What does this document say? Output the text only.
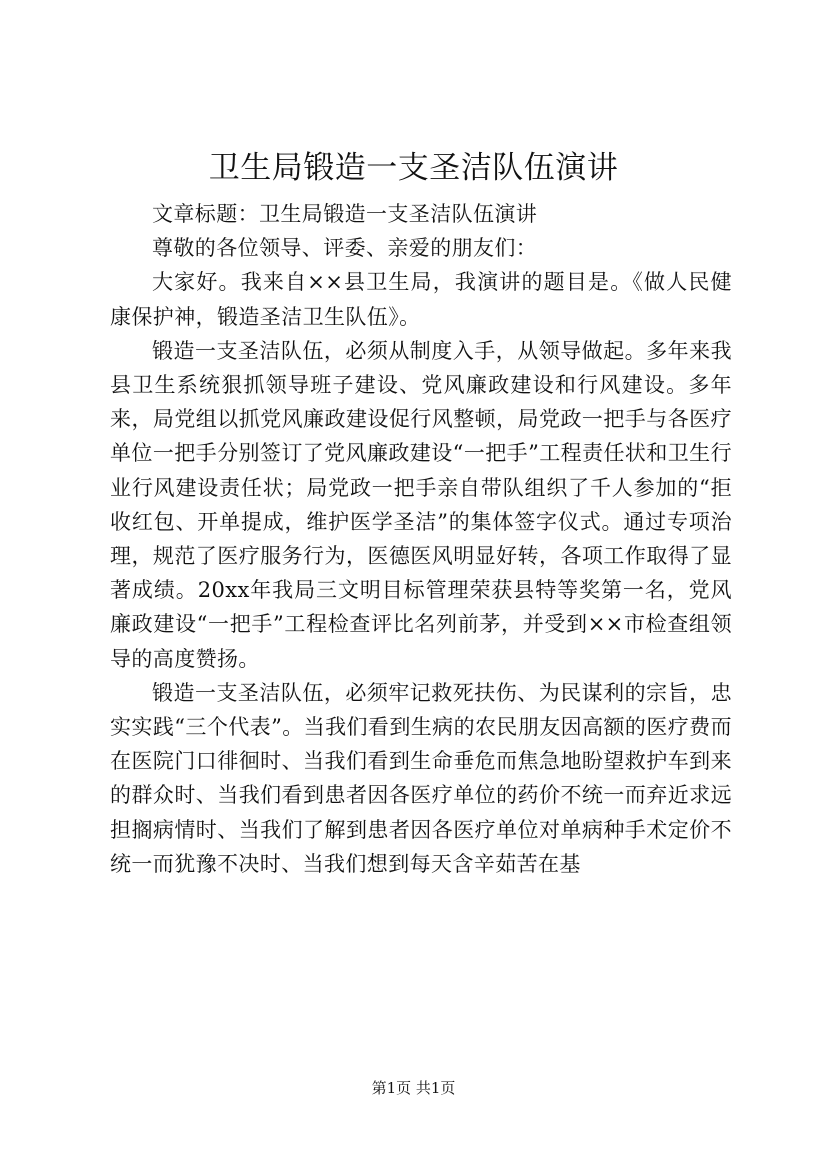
卫生局锻造一支圣洁队伍演讲

文章标题：卫生局锻造一支圣洁队伍演讲

尊敬的各位领导、评委、亲爱的朋友们：

大家好。我来自××县卫生局，我演讲的题目是。《做人民健康保护神，锻造圣洁卫生队伍》。

锻造一支圣洁队伍，必须从制度入手，从领导做起。多年来我县卫生系统狠抓领导班子建设、党风廉政建设和行风建设。多年来，局党组以抓党风廉政建设促行风整顿，局党政一把手与各医疗单位一把手分别签订了党风廉政建设“一把手”工程责任状和卫生行业行风建设责任状；局党政一把手亲自带队组织了千人参加的“拒收红包、开单提成，维护医学圣洁”的集体签字仪式。通过专项治理，规范了医疗服务行为，医德医风明显好转，各项工作取得了显著成绩。20xx年我局三文明目标管理荣获县特等奖第一名，党风廉政建设“一把手”工程检查评比名列前茅，并受到××市检查组领导的高度赞扬。

锻造一支圣洁队伍，必须牢记救死扶伤、为民谋利的宗旨，忠实实践“三个代表”。当我们看到生病的农民朋友因高额的医疗费而在医院门口徘徊时、当我们看到生命垂危而焦急地盼望救护车到来的群众时、当我们看到患者因各医疗单位的药价不统一而弃近求远担搁病情时、当我们了解到患者因各医疗单位对单病种手术定价不统一而犹豫不决时、当我们想到每天含辛茹苦在基

第1页 共1页
